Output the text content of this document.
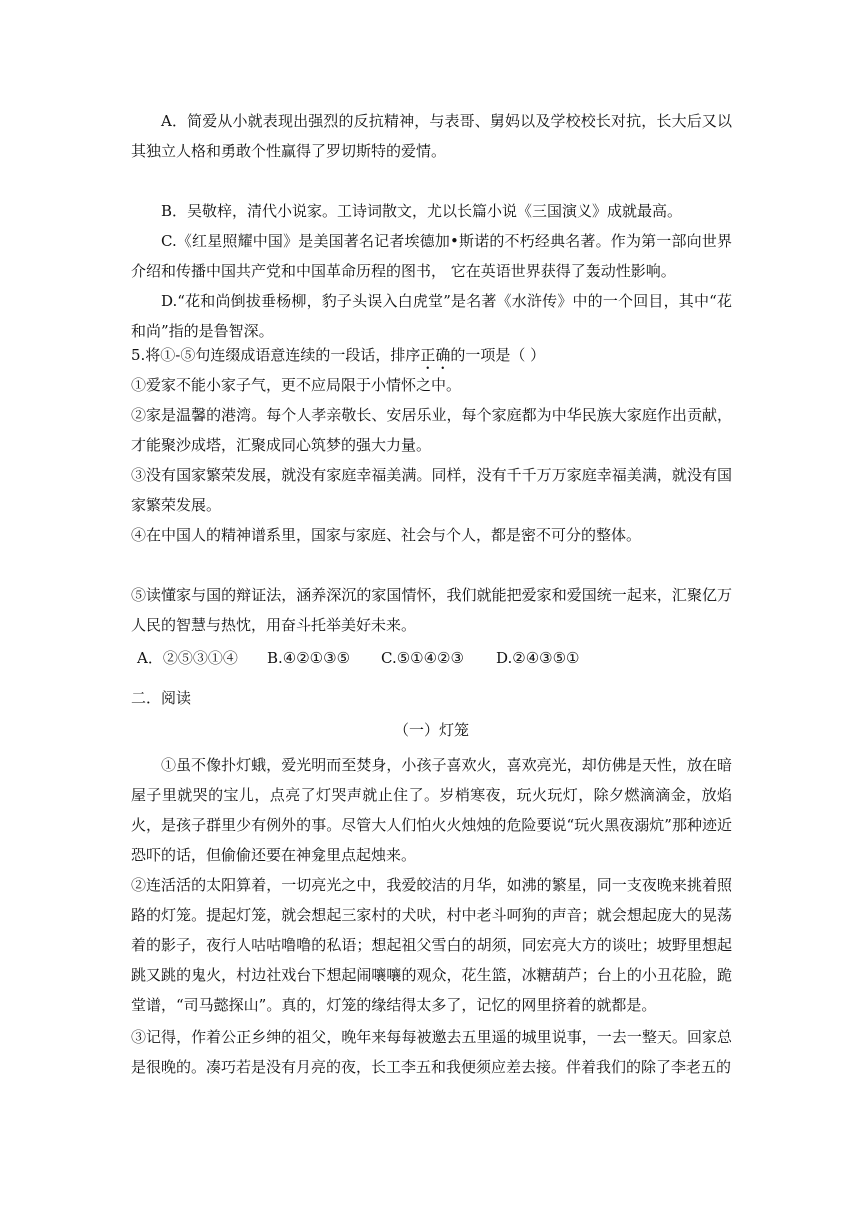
A．简爱从小就表现出强烈的反抗精神，与表哥、舅妈以及学校校长对抗，长大后又以其独立人格和勇敢个性赢得了罗切斯特的爱情。

B．吴敬梓，清代小说家。工诗词散文，尤以长篇小说《三国演义》成就最高。

C.《红星照耀中国》是美国著名记者埃德加•斯诺的不朽经典名著。作为第一部向世界介绍和传播中国共产党和中国革命历程的图书， 它在英语世界获得了轰动性影响。

D.“花和尚倒拔垂杨柳，豹子头误入白虎堂”是名著《水浒传》中的一个回目，其中“花和尚”指的是鲁智深。

5.将①-⑤句连缀成语意连续的一段话，排序正确的一项是（ ）

①爱家不能小家子气，更不应局限于小情怀之中。

②家是温馨的港湾。每个人孝亲敬长、安居乐业，每个家庭都为中华民族大家庭作出贡献，才能聚沙成塔，汇聚成同心筑梦的强大力量。

③没有国家繁荣发展，就没有家庭幸福美满。同样，没有千千万万家庭幸福美满，就没有国家繁荣发展。

④在中国人的精神谱系里，国家与家庭、社会与个人，都是密不可分的整体。

⑤读懂家与国的辩证法，涵养深沉的家国情怀，我们就能把爱家和爱国统一起来，汇聚亿万人民的智慧与热忱，用奋斗托举美好未来。

A．②⑤③①④ B.④②①③⑤ C.⑤①④②③ D.②④③⑤①

二．阅读

（一）灯笼

①虽不像扑灯蛾，爱光明而至焚身，小孩子喜欢火，喜欢亮光，却仿佛是天性，放在暗屋子里就哭的宝儿，点亮了灯哭声就止住了。岁梢寒夜，玩火玩灯，除夕燃滴滴金，放焰火，是孩子群里少有例外的事。尽管大人们怕火火烛烛的危险要说“玩火黑夜溺炕”那种迹近恐吓的话，但偷偷还要在神龛里点起烛来。

②连活活的太阳算着，一切亮光之中，我爱皎洁的月华，如沸的繁星，同一支夜晚来挑着照路的灯笼。提起灯笼，就会想起三家村的犬吠，村中老斗呵狗的声音；就会想起庞大的晃荡着的影子，夜行人咕咕噜噜的私语；想起祖父雪白的胡须，同宏亮大方的谈吐；坡野里想起跳又跳的鬼火，村边社戏台下想起闹嚷嚷的观众，花生篮，冰糖葫芦；台上的小丑花脸，跪堂谱，“司马懿探山”。真的，灯笼的缘结得太多了，记忆的网里挤着的就都是。

③记得，作着公正乡绅的祖父，晚年来每每被邀去五里遥的城里说事，一去一整天。回家总是很晚的。凑巧若是没有月亮的夜，长工李五和我便须应差去接。伴着我们的除了李老五的
